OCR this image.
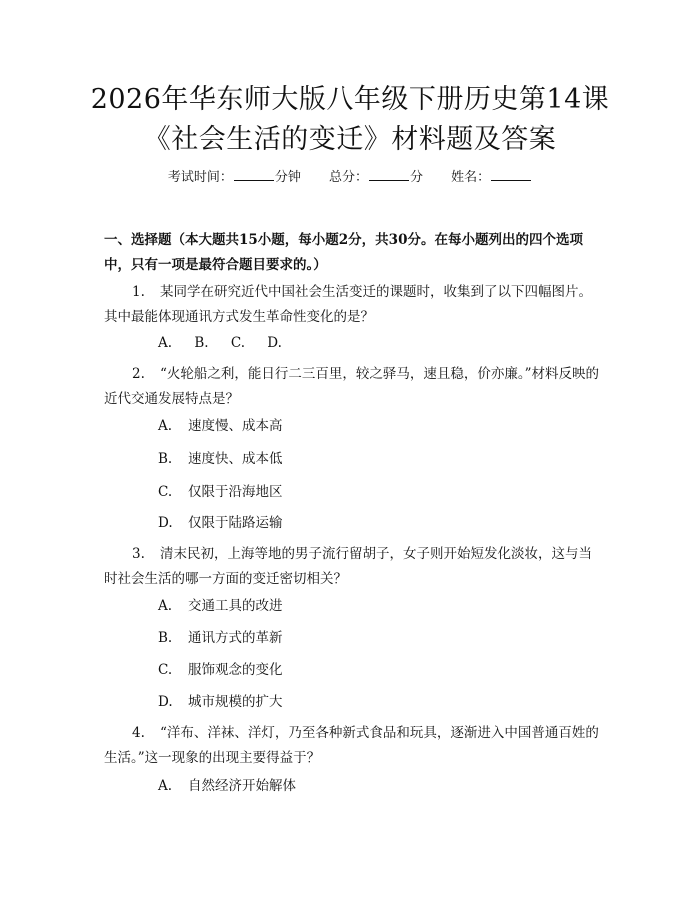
2026年华东师大版八年级下册历史第14课
《社会生活的变迁》材料题及答案
考试时间：	分钟 总分：	分 姓名：
一、选择题（本大题共15小题，每小题2分，共30分。在每小题列出的四个选项中，只有一项是最符合题目要求的。）
1. 某同学在研究近代中国社会生活变迁的课题时，收集到了以下四幅图片。其中最能体现通讯方式发生革命性变化的是？
A. B. C. D.
2. “火轮船之利，能日行二三百里，较之驿马，速且稳，价亦廉。”材料反映的近代交通发展特点是？
A. 速度慢、成本高
B. 速度快、成本低
C. 仅限于沿海地区
D. 仅限于陆路运输
3. 清末民初，上海等地的男子流行留胡子，女子则开始短发化淡妆，这与当时社会生活的哪一方面的变迁密切相关？
A. 交通工具的改进
B. 通讯方式的革新
C. 服饰观念的变化
D. 城市规模的扩大
4. “洋布、洋袜、洋灯，乃至各种新式食品和玩具，逐渐进入中国普通百姓的生活。”这一现象的出现主要得益于？
A. 自然经济开始解体
